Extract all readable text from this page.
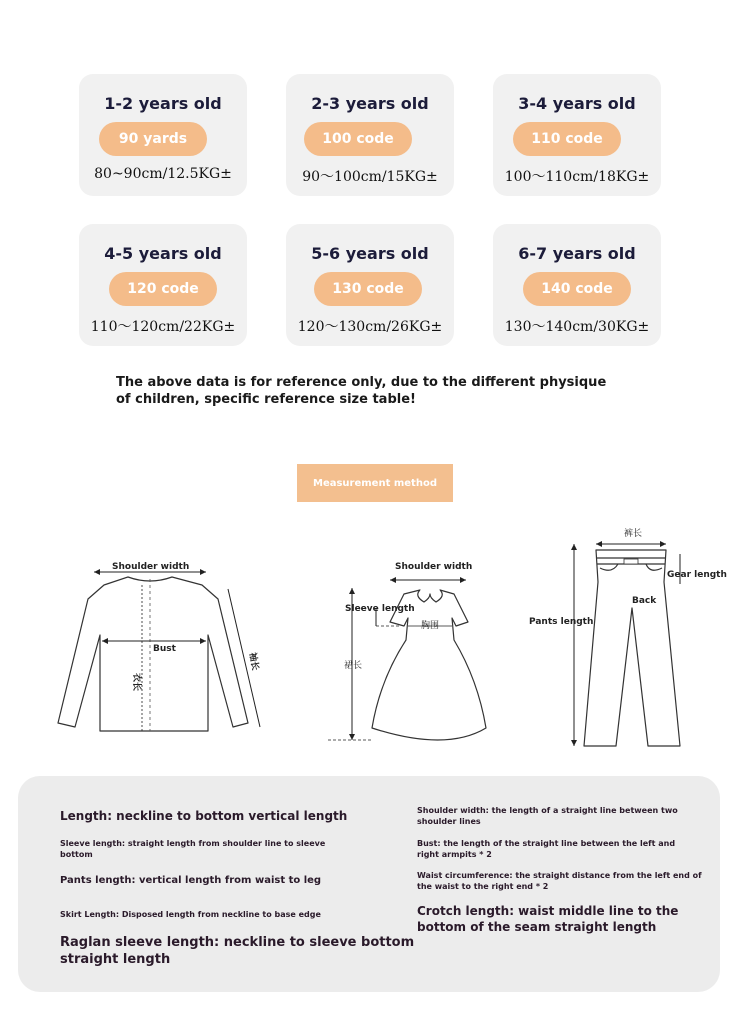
1-2 years old
90 yards
80~90cm/12.5KG±
2-3 years old
100 code
90～100cm/15KG±
3-4 years old
110 code
100～110cm/18KG±
4-5 years old
120 code
110～120cm/22KG±
5-6 years old
130 code
120～130cm/26KG±
6-7 years old
140 code
130～140cm/30KG±
The above data is for reference only, due to the different physique of children, specific reference size table!
Measurement method
Shoulder width
Bust
衣长
袖长
Shoulder width
Sleeve length
胸围
裙长
裤长
Gear length
Back
Pants length
Length: neckline to bottom vertical length
Sleeve length: straight length from shoulder line to sleeve bottom
Pants length: vertical length from waist to leg
Skirt Length: Disposed length from neckline to base edge
Raglan sleeve length: neckline to sleeve bottom straight length
Shoulder width: the length of a straight line between two shoulder lines
Bust: the length of the straight line between the left and right armpits * 2
Waist circumference: the straight distance from the left end of the waist to the right end * 2
Crotch length: waist middle line to the bottom of the seam straight length
